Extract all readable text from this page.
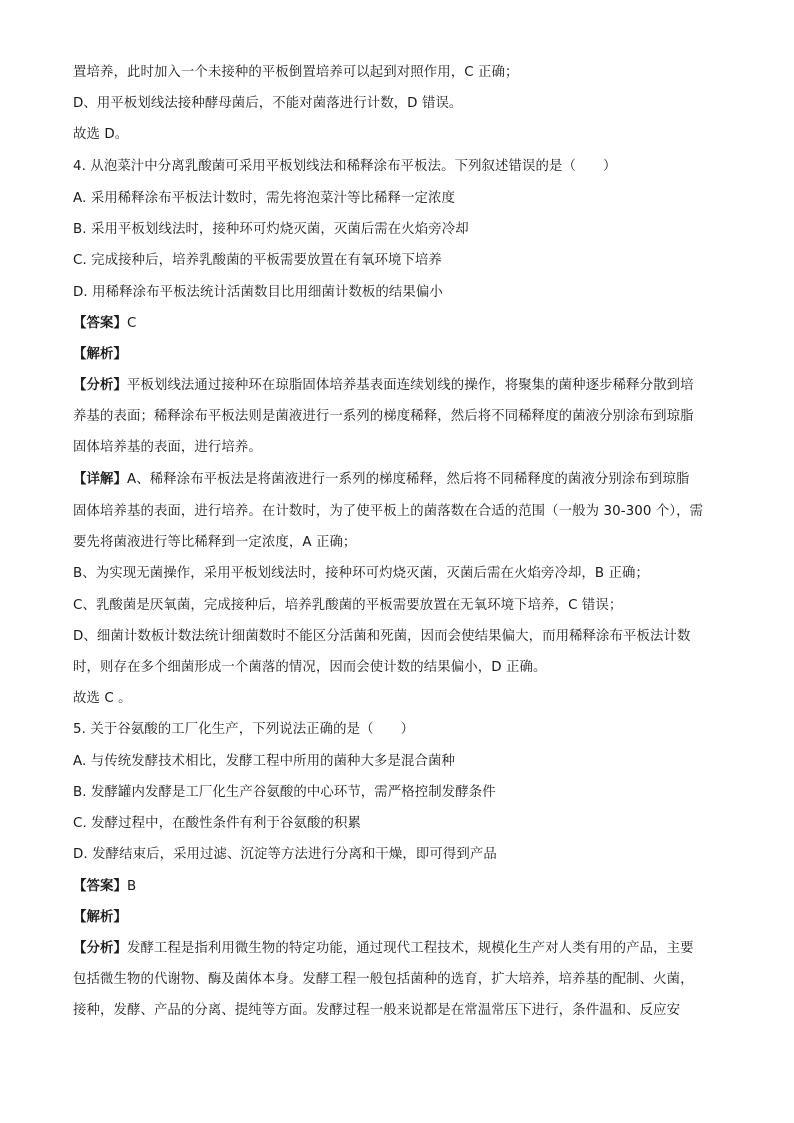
置培养，此时加入一个未接种的平板倒置培养可以起到对照作用，C 正确；
D、用平板划线法接种酵母菌后，不能对菌落进行计数，D 错误。
故选 D。
4. 从泡菜汁中分离乳酸菌可采用平板划线法和稀释涂布平板法。下列叙述错误的是（　　）
A. 采用稀释涂布平板法计数时，需先将泡菜汁等比稀释一定浓度
B. 采用平板划线法时，接种环可灼烧灭菌，灭菌后需在火焰旁冷却
C. 完成接种后，培养乳酸菌的平板需要放置在有氧环境下培养
D. 用稀释涂布平板法统计活菌数目比用细菌计数板的结果偏小
【答案】C
【解析】
【分析】平板划线法通过接种环在琼脂固体培养基表面连续划线的操作，将聚集的菌种逐步稀释分散到培
养基的表面；稀释涂布平板法则是菌液进行一系列的梯度稀释，然后将不同稀释度的菌液分别涂布到琼脂
固体培养基的表面，进行培养。
【详解】A、稀释涂布平板法是将菌液进行一系列的梯度稀释，然后将不同稀释度的菌液分别涂布到琼脂
固体培养基的表面，进行培养。在计数时，为了使平板上的菌落数在合适的范围（一般为 30-300 个），需
要先将菌液进行等比稀释到一定浓度，A 正确；
B、为实现无菌操作，采用平板划线法时，接种环可灼烧灭菌，灭菌后需在火焰旁冷却，B 正确；
C、乳酸菌是厌氧菌，完成接种后，培养乳酸菌的平板需要放置在无氧环境下培养，C 错误；
D、细菌计数板计数法统计细菌数时不能区分活菌和死菌，因而会使结果偏大，而用稀释涂布平板法计数
时，则存在多个细菌形成一个菌落的情况，因而会使计数的结果偏小，D 正确。
故选 C 。
5. 关于谷氨酸的工厂化生产，下列说法正确的是（　　）
A. 与传统发酵技术相比，发酵工程中所用的菌种大多是混合菌种
B. 发酵罐内发酵是工厂化生产谷氨酸的中心环节，需严格控制发酵条件
C. 发酵过程中，在酸性条件有利于谷氨酸的积累
D. 发酵结束后，采用过滤、沉淀等方法进行分离和干燥，即可得到产品
【答案】B
【解析】
【分析】发酵工程是指利用微生物的特定功能，通过现代工程技术，规模化生产对人类有用的产品，主要
包括微生物的代谢物、酶及菌体本身。发酵工程一般包括菌种的选育，扩大培养，培养基的配制、火菌，
接种，发酵、产品的分离、提纯等方面。发酵过程一般来说都是在常温常压下进行，条件温和、反应安
